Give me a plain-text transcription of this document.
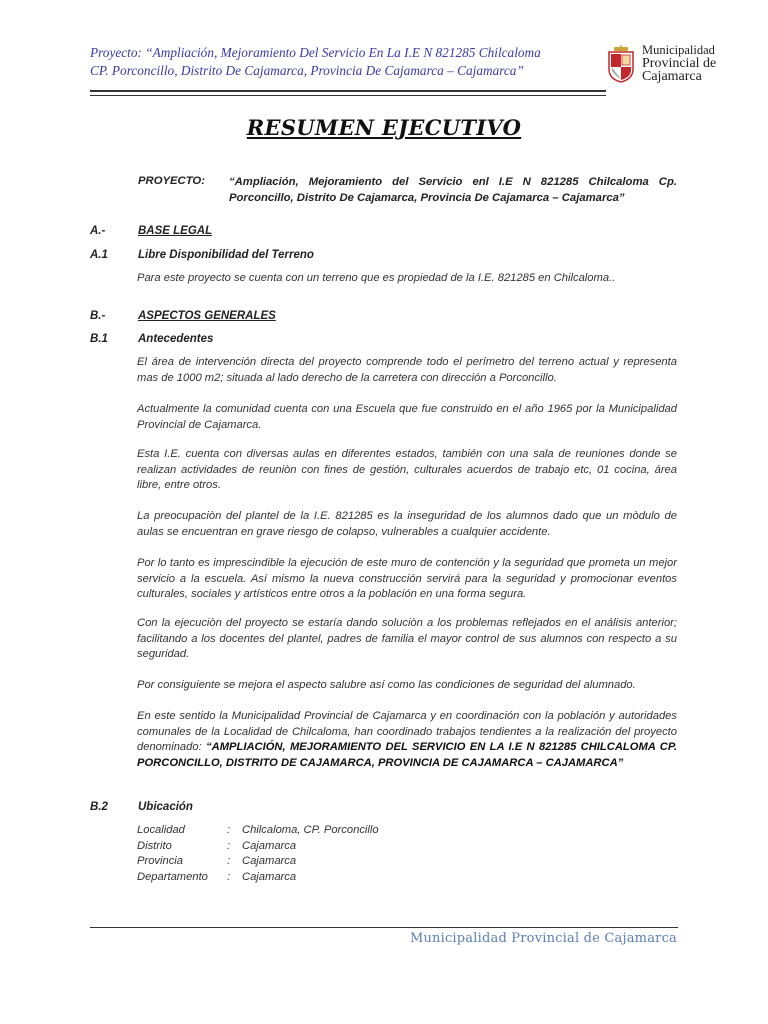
Proyecto: “Ampliación, Mejoramiento Del Servicio En La I.E N 821285 Chilcaloma
CP. Porconcillo, Distrito De Cajamarca, Provincia De Cajamarca – Cajamarca”
Municipalidad
Provincial de
Cajamarca
RESUMEN EJECUTIVO
PROYECTO: “Ampliación, Mejoramiento del Servicio enl I.E N 821285 Chilcaloma Cp. Porconcillo, Distrito De Cajamarca, Provincia De Cajamarca – Cajamarca”
A.-	BASE LEGAL
A.1	Libre Disponibilidad del Terreno
Para este proyecto se cuenta con un terreno que es propiedad de la I.E. 821285 en Chilcaloma..
B.-	ASPECTOS GENERALES
B.1	Antecedentes
El área de intervención directa del proyecto comprende todo el perímetro del terreno actual y representa mas de 1000 m2; situada al lado derecho de la carretera con dirección a Porconcillo.
Actualmente la comunidad cuenta con una Escuela que fue construido en el año 1965 por la Municipalidad Provincial de Cajamarca.
Esta I.E. cuenta con diversas aulas en diferentes estados, también con una sala de reuniones donde se realizan actividades de reuniòn con fines de gestión, culturales acuerdos de trabajo etc, 01 cocina, área libre, entre otros.
La preocupaciòn del plantel de la I.E. 821285 es la inseguridad de los alumnos dado que un mòdulo de aulas se encuentran en grave riesgo de colapso, vulnerables a cualquier accidente.
Por lo tanto es imprescindible la ejecución de este muro de contención y la seguridad que prometa un mejor servicio a la escuela. Así mismo la nueva construcción servirá para la seguridad y promocionar eventos culturales, sociales y artísticos entre otros a la población en una forma segura.
Con la ejecuciòn del proyecto se estaría dando soluciòn a los problemas reflejados en el análisis anterior; facilitando a los docentes del plantel, padres de familia el mayor control de sus alumnos con respecto a su seguridad.
Por consiguiente se mejora el aspecto salubre así como las condiciones de seguridad del alumnado.
En este sentido la Municipalidad Provincial de Cajamarca y en coordinación con la población y autoridades comunales de la Localidad de Chilcaloma, han coordinado trabajos tendientes a la realización del proyecto denominado: “AMPLIACIÓN, MEJORAMIENTO DEL SERVICIO EN LA I.E N 821285 CHILCALOMA CP. PORCONCILLO, DISTRITO DE CAJAMARCA, PROVINCIA DE CAJAMARCA – CAJAMARCA”
B.2	Ubicación
Localidad	: Chilcaloma, CP. Porconcillo
Distrito	: Cajamarca
Provincia	: Cajamarca
Departamento : Cajamarca
Municipalidad Provincial de Cajamarca
